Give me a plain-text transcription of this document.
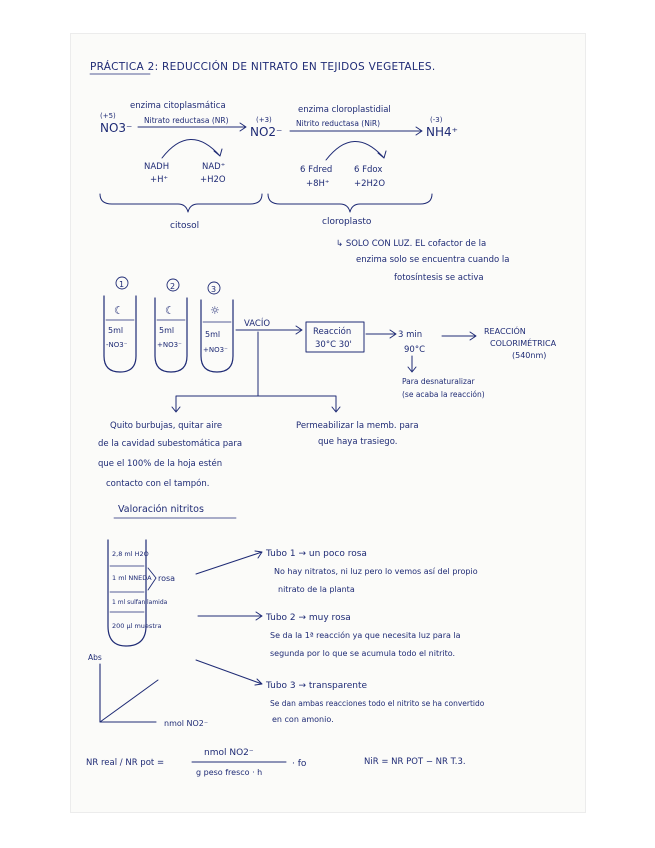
PRÁCTICA 2: REDUCCIÓN DE NITRATO EN TEJIDOS VEGETALES.
enzima citoplasmática
Nitrato reductasa (NR)
enzima cloroplastidial
Nitrito reductasa (NiR)
(+5)
NO3⁻
(+3)
NO2⁻
(-3)
NH4⁺
NADH
+H⁺
NAD⁺
+H2O
6 Fdred
+8H⁺
6 Fdox
+2H2O
citosol	cloroplasto
↳ SOLO CON LUZ. EL cofactor de la
enzima solo se encuentra cuando la
fotosíntesis se activa
1
☾
5ml
-NO3⁻
2
☾
5ml
+NO3⁻
3
☼
5ml
+NO3⁻
VACÍO
Reacción
30°C 30'
3 min
90°C
REACCIÓN
COLORIMÉTRICA
(540nm)
Para desnaturalizar
(se acaba la reacción)
Quito burbujas, quitar aire
de la cavidad subestomática para
que el 100% de la hoja estén
contacto con el tampón.
Permeabilizar la memb. para
que haya trasiego.
Valoración nitritos
2,8 ml H2O
1 ml NNEDA
1 ml sulfanilamida
200 µl muestra
rosa
Tubo 1 → un poco rosa
No hay nitratos, ni luz pero lo vemos así del propio
nitrato de la planta
Tubo 2 → muy rosa
Se da la 1ª reacción ya que necesita luz para la
segunda por lo que se acumula todo el nitrito.
Tubo 3 → transparente
Se dan ambas reacciones todo el nitrito se ha convertido
en con amonio.
Abs
nmol NO2⁻
NR real / NR pot =
nmol NO2⁻
g peso fresco · h
· fo	NiR = NR POT − NR T.3.
